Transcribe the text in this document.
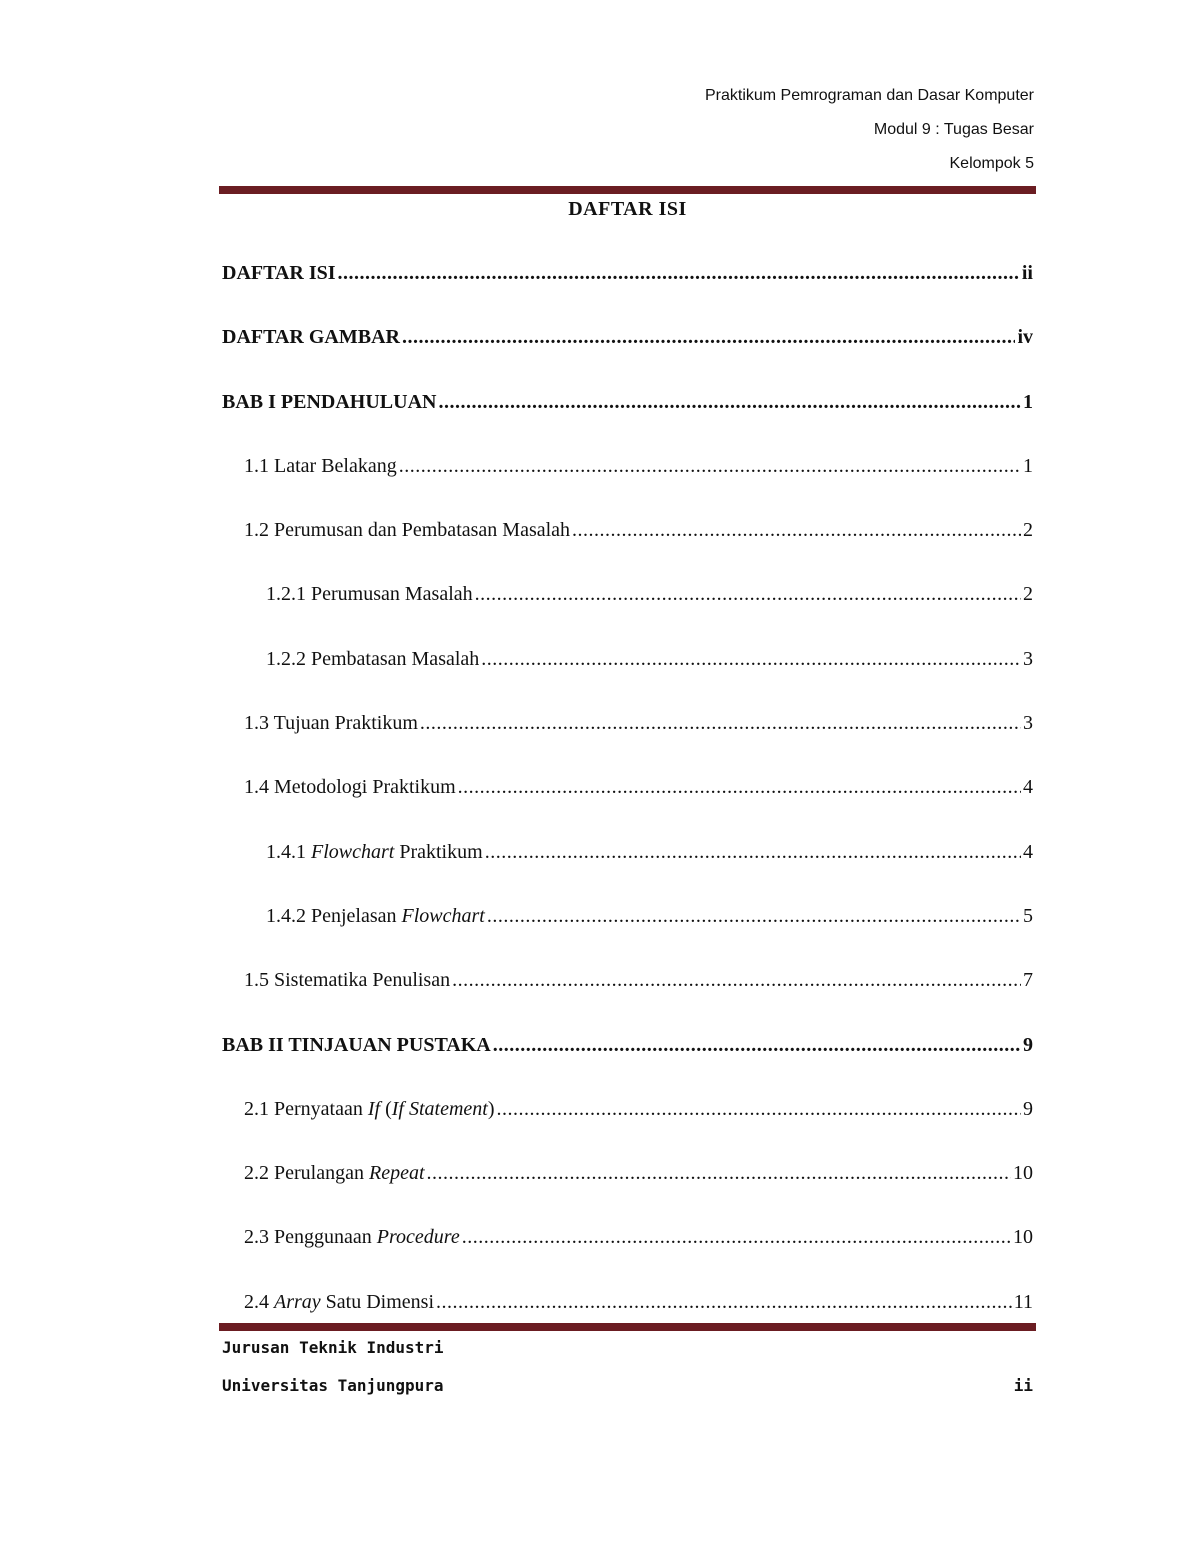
Praktikum Pemrograman dan Dasar Komputer
Modul 9 : Tugas Besar
Kelompok 5
DAFTAR ISI
DAFTAR ISI .....	ii
DAFTAR GAMBAR .....	iv
BAB I PENDAHULUAN .....	1
1.1 Latar Belakang .....	1
1.2 Perumusan dan Pembatasan Masalah .....	2
1.2.1 Perumusan Masalah .....	2
1.2.2 Pembatasan Masalah .....	3
1.3 Tujuan Praktikum .....	3
1.4 Metodologi Praktikum .....	4
1.4.1 Flowchart Praktikum .....	4
1.4.2 Penjelasan Flowchart .....	5
1.5 Sistematika Penulisan .....	7
BAB II TINJAUAN PUSTAKA .....	9
2.1 Pernyataan If (If Statement) .....	9
2.2 Perulangan Repeat .....	10
2.3 Penggunaan Procedure .....	10
2.4 Array Satu Dimensi .....	11
Jurusan Teknik Industri
Universitas Tanjungpura	ii
